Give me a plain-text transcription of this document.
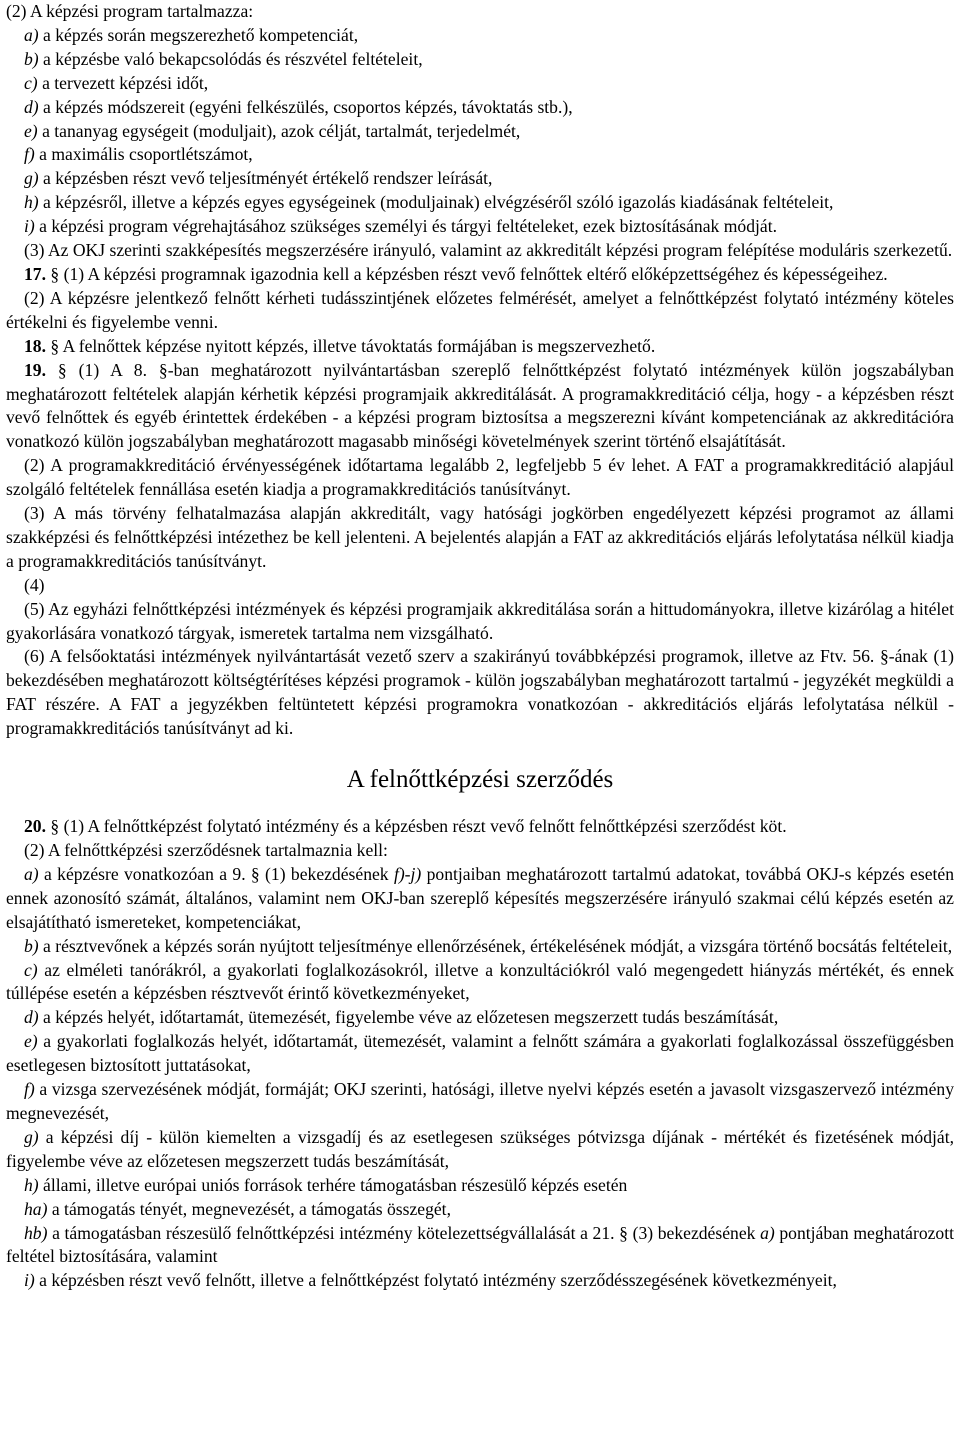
(2) A képzési program tartalmazza:

a) a képzés során megszerezhető kompetenciát,

b) a képzésbe való bekapcsolódás és részvétel feltételeit,

c) a tervezett képzési időt,

d) a képzés módszereit (egyéni felkészülés, csoportos képzés, távoktatás stb.),

e) a tananyag egységeit (moduljait), azok célját, tartalmát, terjedelmét,

f) a maximális csoportlétszámot,

g) a képzésben részt vevő teljesítményét értékelő rendszer leírását,

h) a képzésről, illetve a képzés egyes egységeinek (moduljainak) elvégzéséről szóló igazolás kiadásának feltételeit,

i) a képzési program végrehajtásához szükséges személyi és tárgyi feltételeket, ezek biztosításának módját.

(3) Az OKJ szerinti szakképesítés megszerzésére irányuló, valamint az akkreditált képzési program felépítése moduláris szerkezetű.

17. § (1) A képzési programnak igazodnia kell a képzésben részt vevő felnőttek eltérő előképzettségéhez és képességeihez.

(2) A képzésre jelentkező felnőtt kérheti tudásszintjének előzetes felmérését, amelyet a felnőttképzést folytató intézmény köteles értékelni és figyelembe venni.

18. § A felnőttek képzése nyitott képzés, illetve távoktatás formájában is megszervezhető.

19. § (1) A 8. §-ban meghatározott nyilvántartásban szereplő felnőttképzést folytató intézmények külön jogszabályban meghatározott feltételek alapján kérhetik képzési programjaik akkreditálását. A programakkreditáció célja, hogy - a képzésben részt vevő felnőttek és egyéb érintettek érdekében - a képzési program biztosítsa a megszerezni kívánt kompetenciának az akkreditációra vonatkozó külön jogszabályban meghatározott magasabb minőségi követelmények szerint történő elsajátítását.

(2) A programakkreditáció érvényességének időtartama legalább 2, legfeljebb 5 év lehet. A FAT a programakkreditáció alapjául szolgáló feltételek fennállása esetén kiadja a programakkreditációs tanúsítványt.

(3) A más törvény felhatalmazása alapján akkreditált, vagy hatósági jogkörben engedélyezett képzési programot az állami szakképzési és felnőttképzési intézethez be kell jelenteni. A bejelentés alapján a FAT az akkreditációs eljárás lefolytatása nélkül kiadja a programakkreditációs tanúsítványt.

(4)

(5) Az egyházi felnőttképzési intézmények és képzési programjaik akkreditálása során a hittudományokra, illetve kizárólag a hitélet gyakorlására vonatkozó tárgyak, ismeretek tartalma nem vizsgálható.

(6) A felsőoktatási intézmények nyilvántartását vezető szerv a szakirányú továbbképzési programok, illetve az Ftv. 56. §-ának (1) bekezdésében meghatározott költségtérítéses képzési programok - külön jogszabályban meghatározott tartalmú - jegyzékét megküldi a FAT részére. A FAT a jegyzékben feltüntetett képzési programokra vonatkozóan - akkreditációs eljárás lefolytatása nélkül - programakkreditációs tanúsítványt ad ki.

A felnőttképzési szerződés

20. § (1) A felnőttképzést folytató intézmény és a képzésben részt vevő felnőtt felnőttképzési szerződést köt.

(2) A felnőttképzési szerződésnek tartalmaznia kell:

a) a képzésre vonatkozóan a 9. § (1) bekezdésének f)-j) pontjaiban meghatározott tartalmú adatokat, továbbá OKJ-s képzés esetén ennek azonosító számát, általános, valamint nem OKJ-ban szereplő képesítés megszerzésére irányuló szakmai célú képzés esetén az elsajátítható ismereteket, kompetenciákat,

b) a résztvevőnek a képzés során nyújtott teljesítménye ellenőrzésének, értékelésének módját, a vizsgára történő bocsátás feltételeit,

c) az elméleti tanórákról, a gyakorlati foglalkozásokról, illetve a konzultációkról való megengedett hiányzás mértékét, és ennek túllépése esetén a képzésben résztvevőt érintő következményeket,

d) a képzés helyét, időtartamát, ütemezését, figyelembe véve az előzetesen megszerzett tudás beszámítását,

e) a gyakorlati foglalkozás helyét, időtartamát, ütemezését, valamint a felnőtt számára a gyakorlati foglalkozással összefüggésben esetlegesen biztosított juttatásokat,

f) a vizsga szervezésének módját, formáját; OKJ szerinti, hatósági, illetve nyelvi képzés esetén a javasolt vizsgaszervező intézmény megnevezését,

g) a képzési díj - külön kiemelten a vizsgadíj és az esetlegesen szükséges pótvizsga díjának - mértékét és fizetésének módját, figyelembe véve az előzetesen megszerzett tudás beszámítását,

h) állami, illetve európai uniós források terhére támogatásban részesülő képzés esetén

ha) a támogatás tényét, megnevezését, a támogatás összegét,

hb) a támogatásban részesülő felnőttképzési intézmény kötelezettségvállalását a 21. § (3) bekezdésének a) pontjában meghatározott feltétel biztosítására, valamint

i) a képzésben részt vevő felnőtt, illetve a felnőttképzést folytató intézmény szerződésszegésének következményeit,
